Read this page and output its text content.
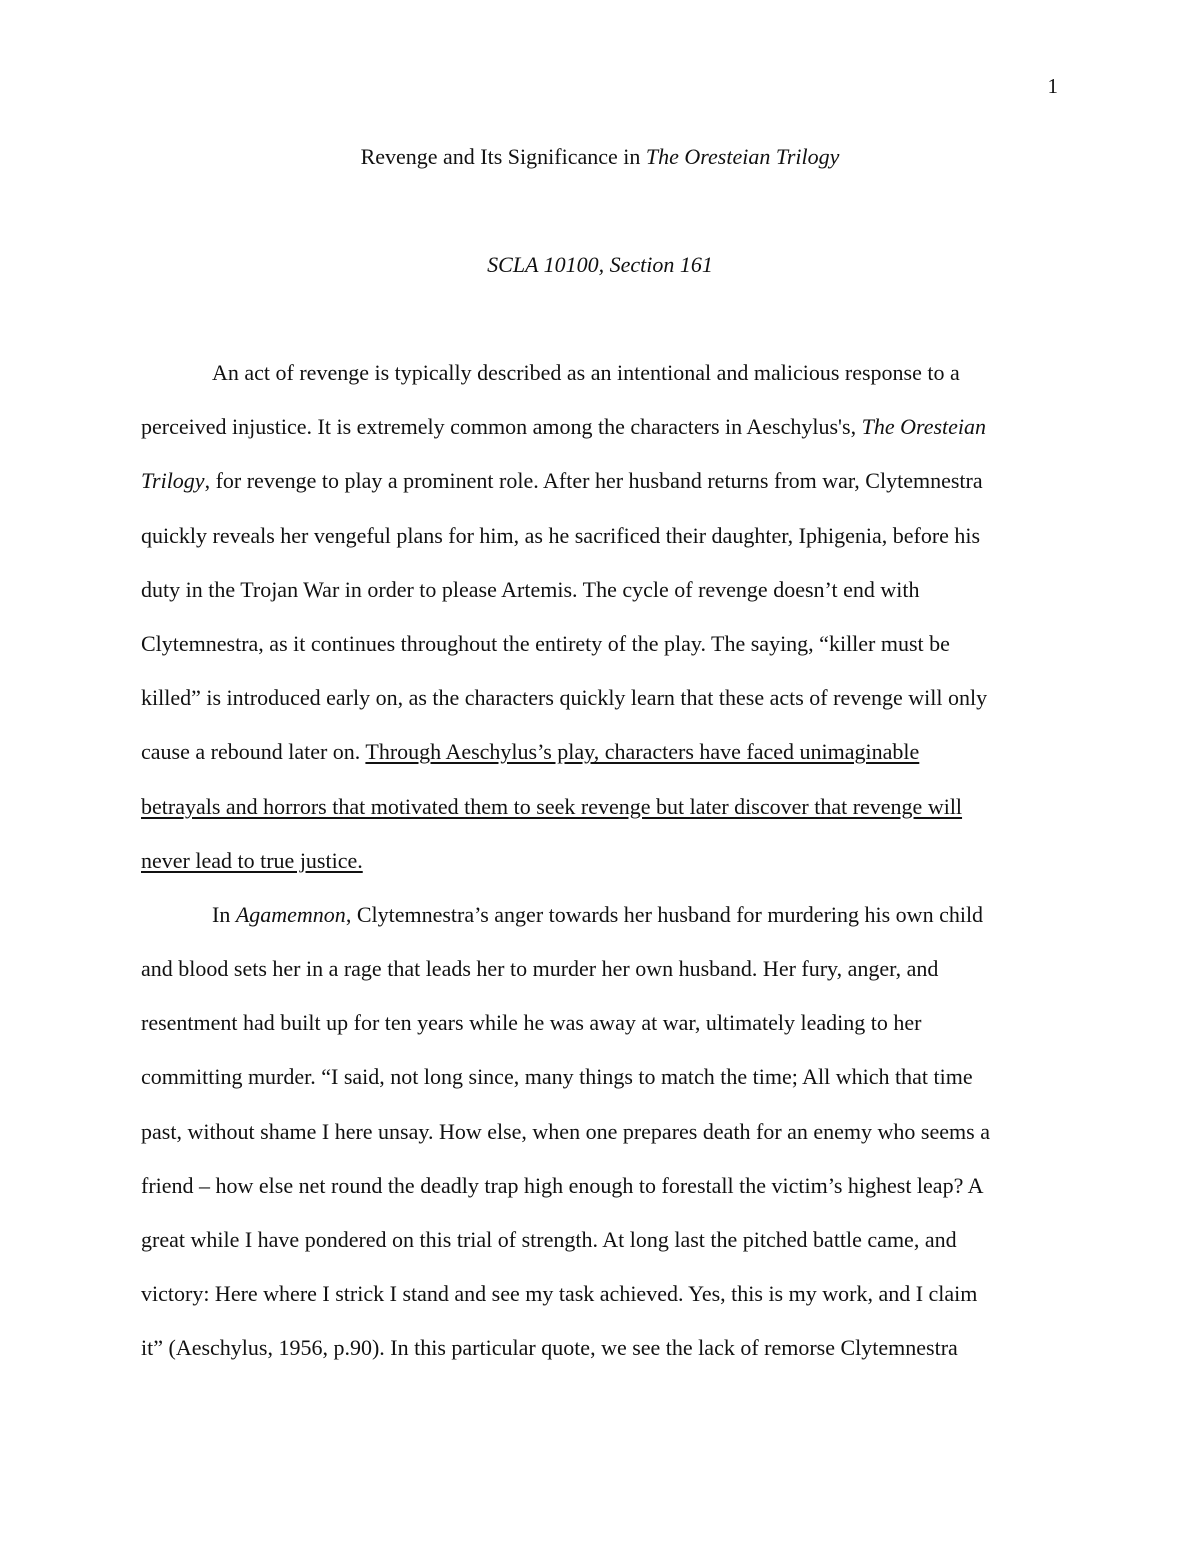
1
Revenge and Its Significance in The Oresteian Trilogy
SCLA 10100, Section 161
An act of revenge is typically described as an intentional and malicious response to a
perceived injustice. It is extremely common among the characters in Aeschylus's, The Oresteian
Trilogy, for revenge to play a prominent role. After her husband returns from war, Clytemnestra
quickly reveals her vengeful plans for him, as he sacrificed their daughter, Iphigenia, before his
duty in the Trojan War in order to please Artemis. The cycle of revenge doesn’t end with
Clytemnestra, as it continues throughout the entirety of the play. The saying, “killer must be
killed” is introduced early on, as the characters quickly learn that these acts of revenge will only
cause a rebound later on. Through Aeschylus’s play, characters have faced unimaginable
betrayals and horrors that motivated them to seek revenge but later discover that revenge will
never lead to true justice.
In Agamemnon, Clytemnestra’s anger towards her husband for murdering his own child
and blood sets her in a rage that leads her to murder her own husband. Her fury, anger, and
resentment had built up for ten years while he was away at war, ultimately leading to her
committing murder. “I said, not long since, many things to match the time; All which that time
past, without shame I here unsay. How else, when one prepares death for an enemy who seems a
friend – how else net round the deadly trap high enough to forestall the victim’s highest leap? A
great while I have pondered on this trial of strength. At long last the pitched battle came, and
victory: Here where I strick I stand and see my task achieved. Yes, this is my work, and I claim
it” (Aeschylus, 1956, p.90). In this particular quote, we see the lack of remorse Clytemnestra
